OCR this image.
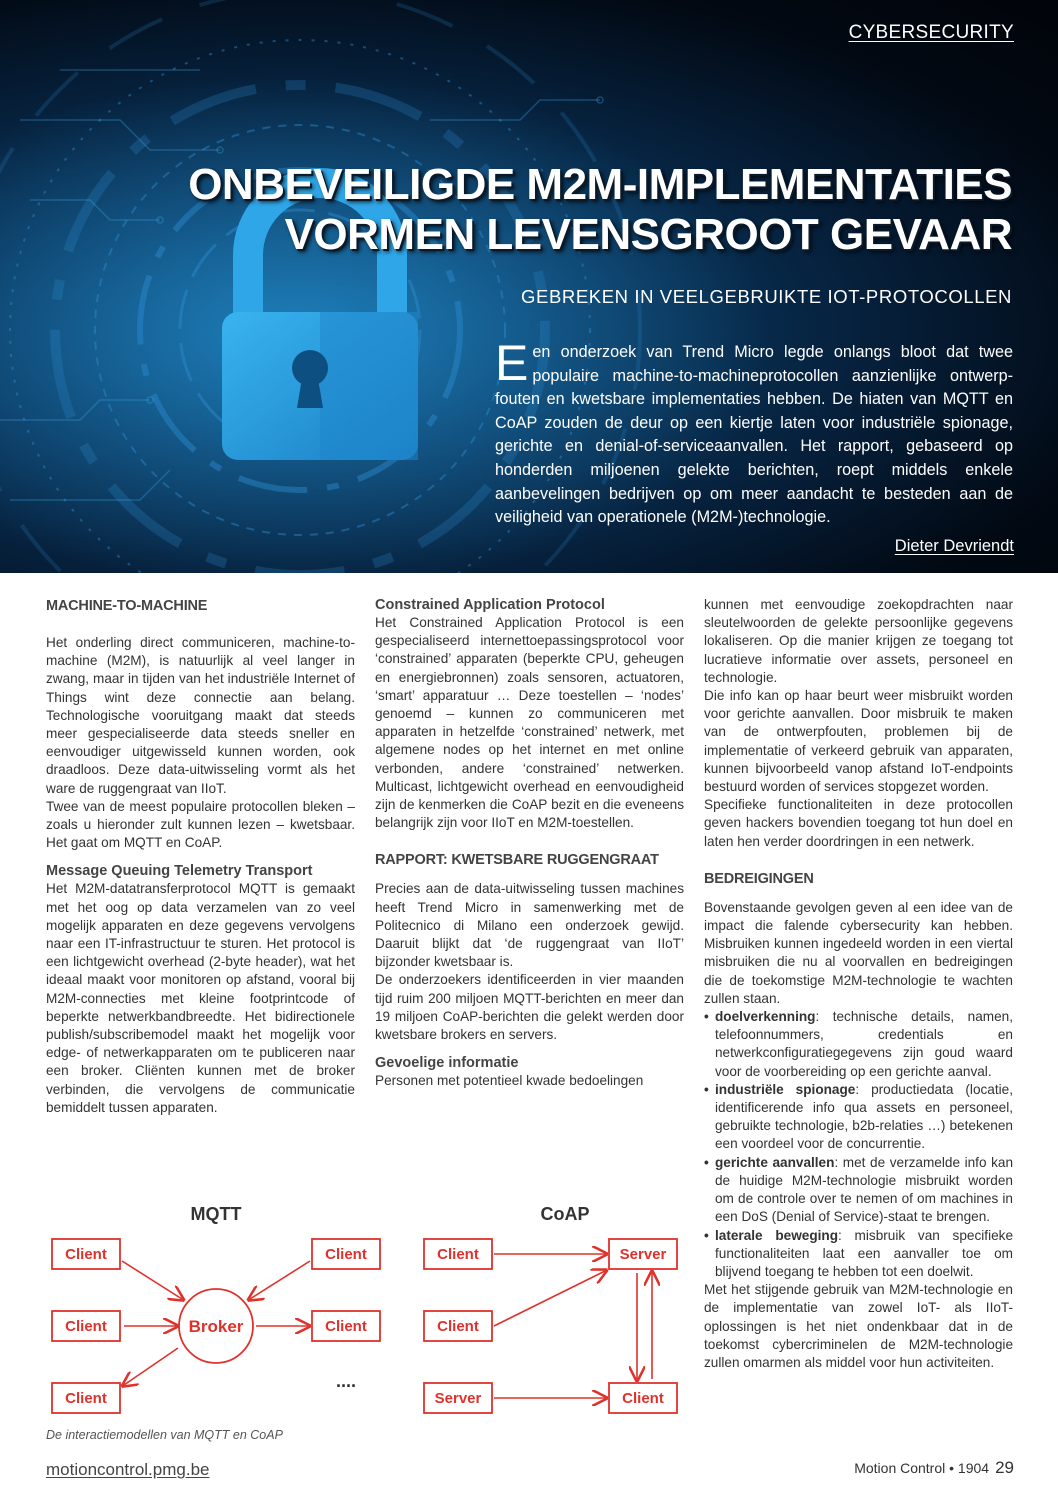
CYBERSECURITY
ONBEVEILIGDE M2M-IMPLEMENTATIES
VORMEN LEVENSGROOT GEVAAR
GEBREKEN IN VEELGEBRUIKTE IOT-PROTOCOLLEN
Een onderzoek van Trend Micro legde onlangs bloot dat twee populaire machine-to-machineprotocollen aanzienlijke ontwerpfouten en kwetsbare implementaties hebben. De hiaten van MQTT en CoAP zouden de deur op een kiertje laten voor industriële spionage, gerichte en denial-of-serviceaanvallen. Het rapport, gebaseerd op honderden miljoenen gelekte berichten, roept middels enkele aanbevelingen bedrijven op om meer aandacht te besteden aan de veiligheid van operationele (M2M-)technologie.
Dieter Devriendt
MACHINE-TO-MACHINE

Het onderling direct communiceren, machine-to-machine (M2M), is natuurlijk al veel langer in zwang, maar in tijden van het industriële Internet of Things wint deze connectie aan belang. Technologische vooruitgang maakt dat steeds meer gespecialiseerde data steeds sneller en eenvoudiger uitgewisseld kunnen worden, ook draadloos. Deze data-uitwisseling vormt als het ware de ruggengraat van IIoT.

Twee van de meest populaire protocollen bleken – zoals u hieronder zult kunnen lezen – kwetsbaar. Het gaat om MQTT en CoAP.

Message Queuing Telemetry Transport

Het M2M-datatransferprotocol MQTT is gemaakt met het oog op data verzamelen van zo veel mogelijk apparaten en deze gegevens vervolgens naar een IT-infrastructuur te sturen. Het protocol is een lichtgewicht overhead (2-byte header), wat het ideaal maakt voor monitoren op afstand, vooral bij M2M-connecties met kleine footprintcode of beperkte netwerkbandbreedte. Het bidirectionele publish/subscribemodel maakt het mogelijk voor edge- of netwerkapparaten om te publiceren naar een broker. Cliënten kunnen met de broker verbinden, die vervolgens de communicatie bemiddelt tussen apparaten.

Constrained Application Protocol

Het Constrained Application Protocol is een gespecialiseerd internettoepassingsprotocol voor ‘constrained’ apparaten (beperkte CPU, geheugen en energiebronnen) zoals sensoren, actuatoren, ‘smart’ apparatuur … Deze toestellen – ‘nodes’ genoemd – kunnen zo communiceren met apparaten in hetzelfde ‘constrained’ netwerk, met algemene nodes op het internet en met online verbonden, andere ‘constrained’ netwerken. Multicast, lichtgewicht overhead en eenvoudigheid zijn de kenmerken die CoAP bezit en die eveneens belangrijk zijn voor IIoT en M2M-toestellen.

RAPPORT: KWETSBARE RUGGENGRAAT

Precies aan de data-uitwisseling tussen machines heeft Trend Micro in samenwerking met de Politecnico di Milano een onderzoek gewijd. Daaruit blijkt dat ‘de ruggengraat van IIoT’ bijzonder kwetsbaar is.

De onderzoekers identificeerden in vier maanden tijd ruim 200 miljoen MQTT-berichten en meer dan 19 miljoen CoAP-berichten die gelekt werden door kwetsbare brokers en servers.

Gevoelige informatie

Personen met potentieel kwade bedoelingen

kunnen met eenvoudige zoekopdrachten naar sleutelwoorden de gelekte persoonlijke gegevens lokaliseren. Op die manier krijgen ze toegang tot lucratieve informatie over assets, personeel en technologie.

Die info kan op haar beurt weer misbruikt worden voor gerichte aanvallen. Door misbruik te maken van de ontwerpfouten, problemen bij de implementatie of verkeerd gebruik van apparaten, kunnen bijvoorbeeld vanop afstand IoT-endpoints bestuurd worden of services stopgezet worden.

Specifieke functionaliteiten in deze protocollen geven hackers bovendien toegang tot hun doel en laten hen verder doordringen in een netwerk.

BEDREIGINGEN

Bovenstaande gevolgen geven al een idee van de impact die falende cybersecurity kan hebben. Misbruiken kunnen ingedeeld worden in een viertal misbruiken die nu al voorvallen en bedreigingen die de toekomstige M2M-technologie te wachten zullen staan.

• doelverkenning: technische details, namen, telefoonnummers, credentials en netwerkconfiguratiegegevens zijn goud waard voor de voorbereiding op een gerichte aanval.
• industriële spionage: productiedata (locatie, identificerende info qua assets en personeel, gebruikte technologie, b2b-relaties …) betekenen een voordeel voor de concurrentie.
• gerichte aanvallen: met de verzamelde info kan de huidige M2M-technologie misbruikt worden om de controle over te nemen of om machines in een DoS (Denial of Service)-staat te brengen.
• laterale beweging: misbruik van specifieke functionaliteiten laat een aanvaller toe om blijvend toegang te hebben tot een doelwit.

Met het stijgende gebruik van M2M-technologie en de implementatie van zowel IoT- als IIoT-oplossingen is het niet ondenkbaar dat in de toekomst cybercriminelen de M2M-technologie zullen omarmen als middel voor hun activiteiten.

MQTT	CoAP
Client
Client
Client
Client
Client
Broker
....
Client	Server
Client
Server	Client
De interactiemodellen van MQTT en CoAP
motioncontrol.pmg.be	Motion Control • 1904 29
